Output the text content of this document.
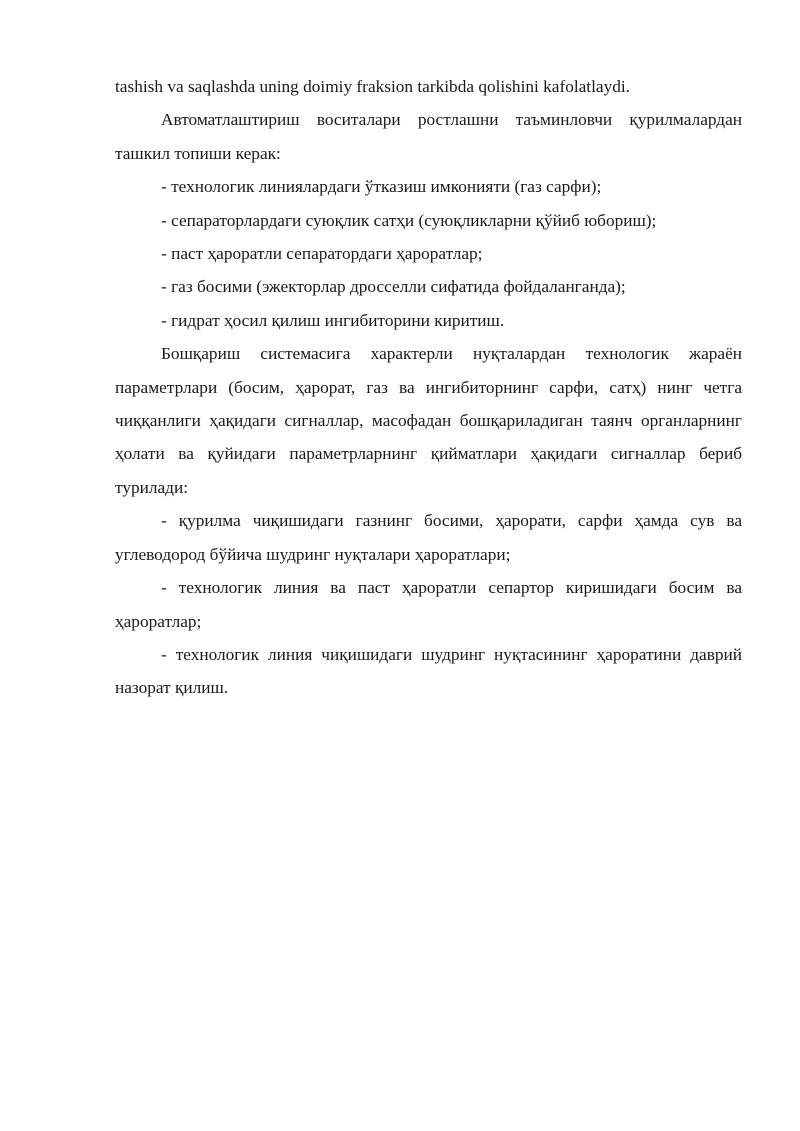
tashish va saqlashda uning doimiy fraksion tarkibda qolishini kafolatlaydi.

Автоматлаштириш воситалари ростлашни таъминловчи қурилмалардан ташкил топиши керак:

- технологик линиялардаги ўтказиш имконияти (газ сарфи);

- сепараторлардаги суюқлик сатҳи (суюқликларни қўйиб юбориш);

- паст ҳароратли сепаратордаги ҳароратлар;

- газ босими (эжекторлар дросселли сифатида фойдаланганда);

- гидрат ҳосил қилиш ингибиторини киритиш.

Бошқариш системасига характерли нуқталардан технологик жараён параметрлари (босим, ҳарорат, газ ва ингибиторнинг сарфи, сатҳ) нинг четга чиққанлиги ҳақидаги сигналлар, масофадан бошқариладиган таянч органларнинг ҳолати ва қуйидаги параметрларнинг қийматлари ҳақидаги сигналлар бериб турилади:

- қурилма чиқишидаги газнинг босими, ҳарорати, сарфи ҳамда сув ва углеводород бўйича шудринг нуқталари ҳароратлари;

- технологик линия ва паст ҳароратли сепартор киришидаги босим ва ҳароратлар;

- технологик линия чиқишидаги шудринг нуқтасининг ҳароратини даврий назорат қилиш.
